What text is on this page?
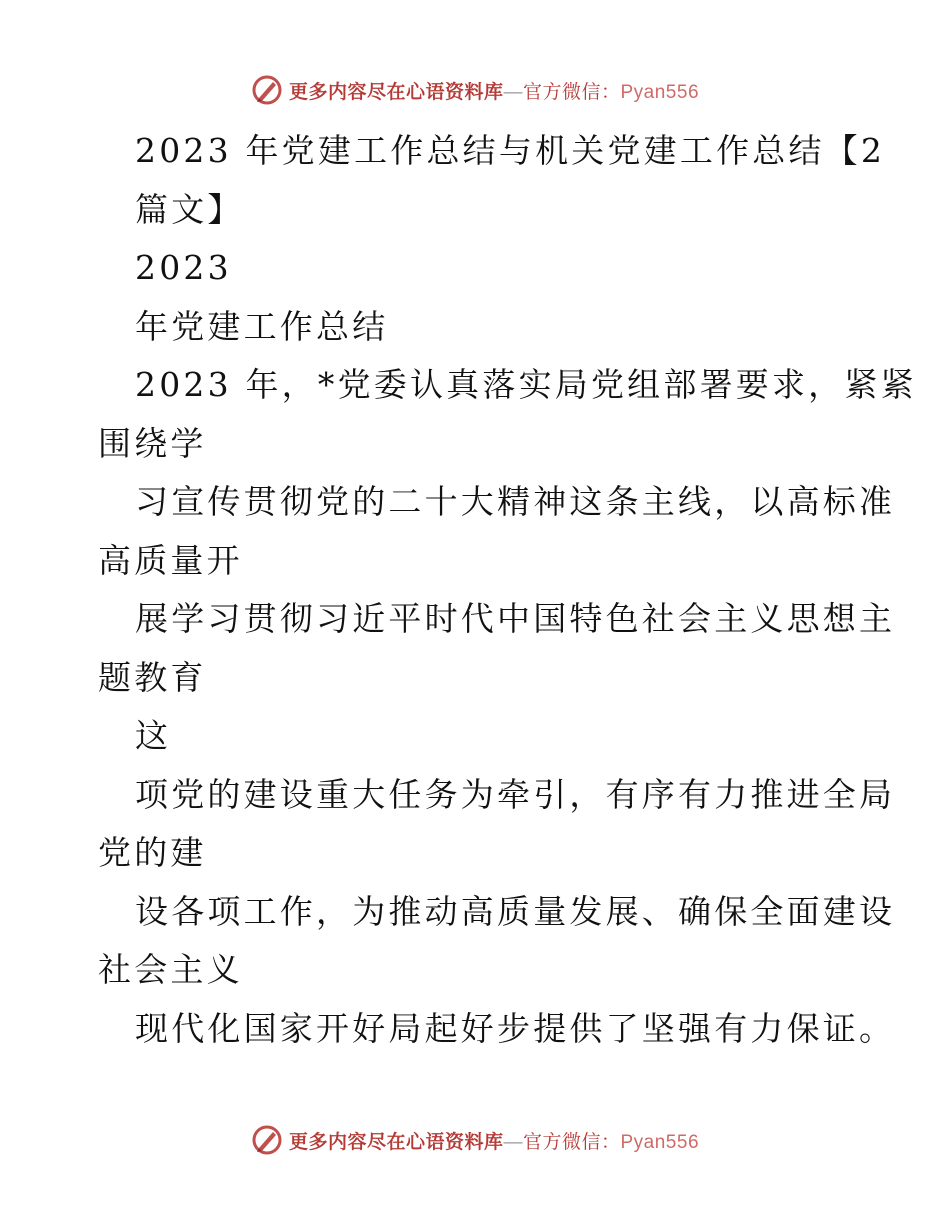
更多内容尽在心语资料库—官方微信：Pyan556

2023 年党建工作总结与机关党建工作总结【2

篇文】

2023

年党建工作总结

2023 年，*党委认真落实局党组部署要求，紧紧

围绕学

习宣传贯彻党的二十大精神这条主线，以高标准

高质量开

展学习贯彻习近平时代中国特色社会主义思想主

题教育

这

项党的建设重大任务为牵引，有序有力推进全局

党的建

设各项工作，为推动高质量发展、确保全面建设

社会主义

现代化国家开好局起好步提供了坚强有力保证。

更多内容尽在心语资料库—官方微信：Pyan556
